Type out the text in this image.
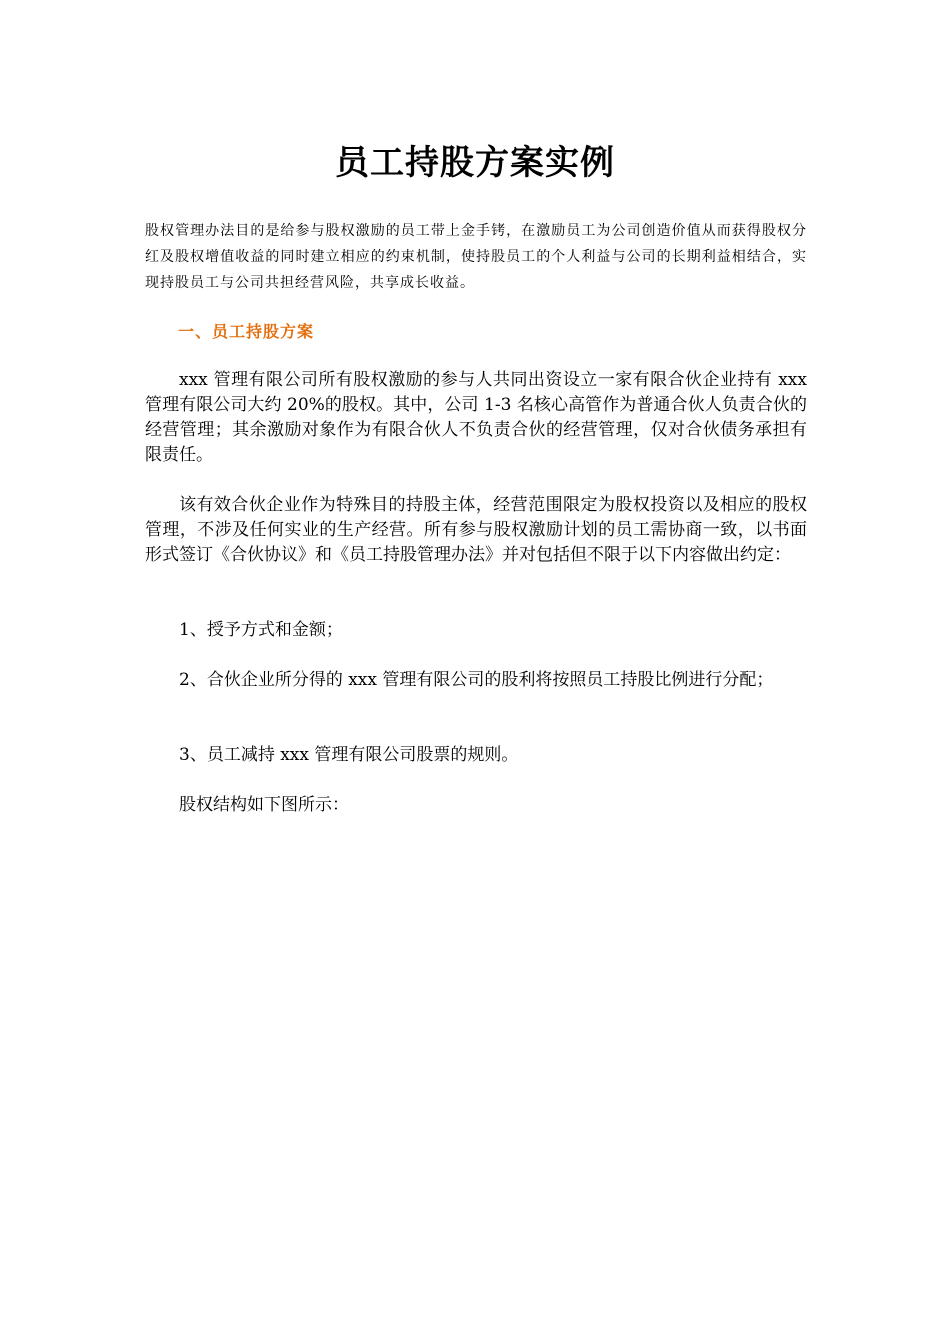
员工持股方案实例
股权管理办法目的是给参与股权激励的员工带上金手铐，在激励员工为公司创造价值从而获得股权分红及股权增值收益的同时建立相应的约束机制，使持股员工的个人利益与公司的长期利益相结合，实现持股员工与公司共担经营风险，共享成长收益。
一、员工持股方案

xxx 管理有限公司所有股权激励的参与人共同出资设立一家有限合伙企业持有 xxx 管理有限公司大约 20%的股权。其中，公司 1-3 名核心高管作为普通合伙人负责合伙的经营管理；其余激励对象作为有限合伙人不负责合伙的经营管理，仅对合伙债务承担有限责任。

该有效合伙企业作为特殊目的持股主体，经营范围限定为股权投资以及相应的股权管理，不涉及任何实业的生产经营。所有参与股权激励计划的员工需协商一致，以书面形式签订《合伙协议》和《员工持股管理办法》并对包括但不限于以下内容做出约定：

1、授予方式和金额；

2、合伙企业所分得的 xxx 管理有限公司的股利将按照员工持股比例进行分配；

3、员工减持 xxx 管理有限公司股票的规则。

股权结构如下图所示：
